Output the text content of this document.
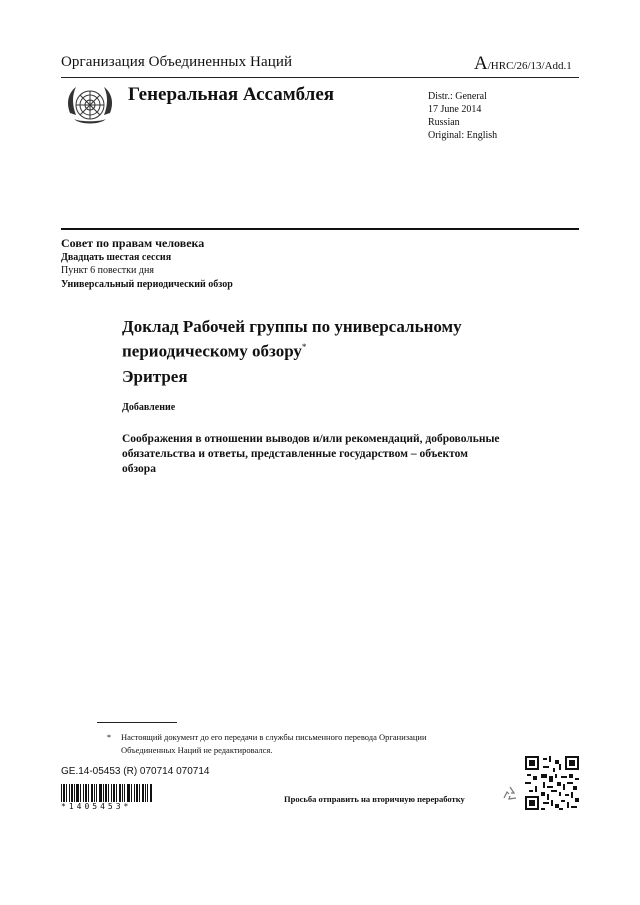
Организация Объединенных Наций	A/HRC/26/13/Add.1
Генеральная Ассамблея	Distr.: General
17 June 2014
Russian
Original: English
Совет по правам человека
Двадцать шестая сессия
Пункт 6 повестки дня
Универсальный периодический обзор
Доклад Рабочей группы по универсальному периодическому обзору*
Эритрея
Добавление
Соображения в отношении выводов и/или рекомендаций, добровольные обязательства и ответы, представленные государством – объектом обзора
* Настоящий документ до его передачи в службы письменного перевода Организации
Объединенных Наций не редактировался.
GE.14-05453 (R) 070714 070714
*1405453*
Просьба отправить на вторичную переработку
